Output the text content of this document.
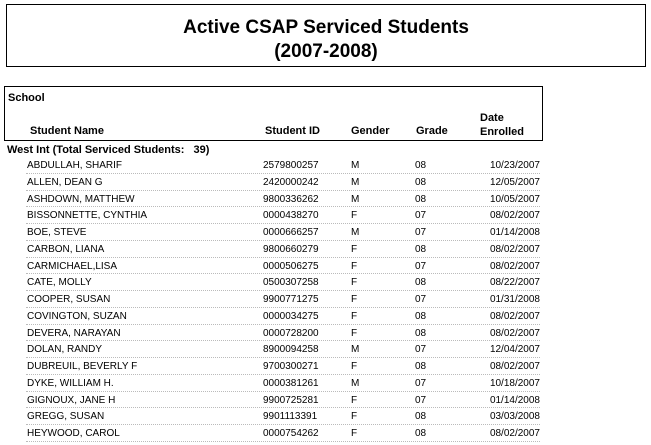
Active CSAP Serviced Students
(2007-2008)
School
Student Name	Student ID	Gender Grade
Date
Enrolled
West Int (Total Serviced Students: 39)
ABDULLAH, SHARIF	2579800257	M	08	10/23/2007
ALLEN, DEAN G	2420000242	M	08	12/05/2007
ASHDOWN, MATTHEW	9800336262	M	08	10/05/2007
BISSONNETTE, CYNTHIA	0000438270	F	07	08/02/2007
BOE, STEVE	0000666257	M	07	01/14/2008
CARBON, LIANA	9800660279	F	08	08/02/2007
CARMICHAEL,LISA	0000506275	F	07	08/02/2007
CATE, MOLLY	0500307258	F	08	08/22/2007
COOPER, SUSAN	9900771275	F	07	01/31/2008
COVINGTON, SUZAN	0000034275	F	08	08/02/2007
DEVERA, NARAYAN	0000728200	F	08	08/02/2007
DOLAN, RANDY	8900094258	M	07	12/04/2007
DUBREUIL, BEVERLY F	9700300271	F	08	08/02/2007
DYKE, WILLIAM H.	0000381261	M	07	10/18/2007
GIGNOUX, JANE H	9900725281	F	07	01/14/2008
GREGG, SUSAN	9901113391	F	08	03/03/2008
HEYWOOD, CAROL	0000754262	F	08	08/02/2007
